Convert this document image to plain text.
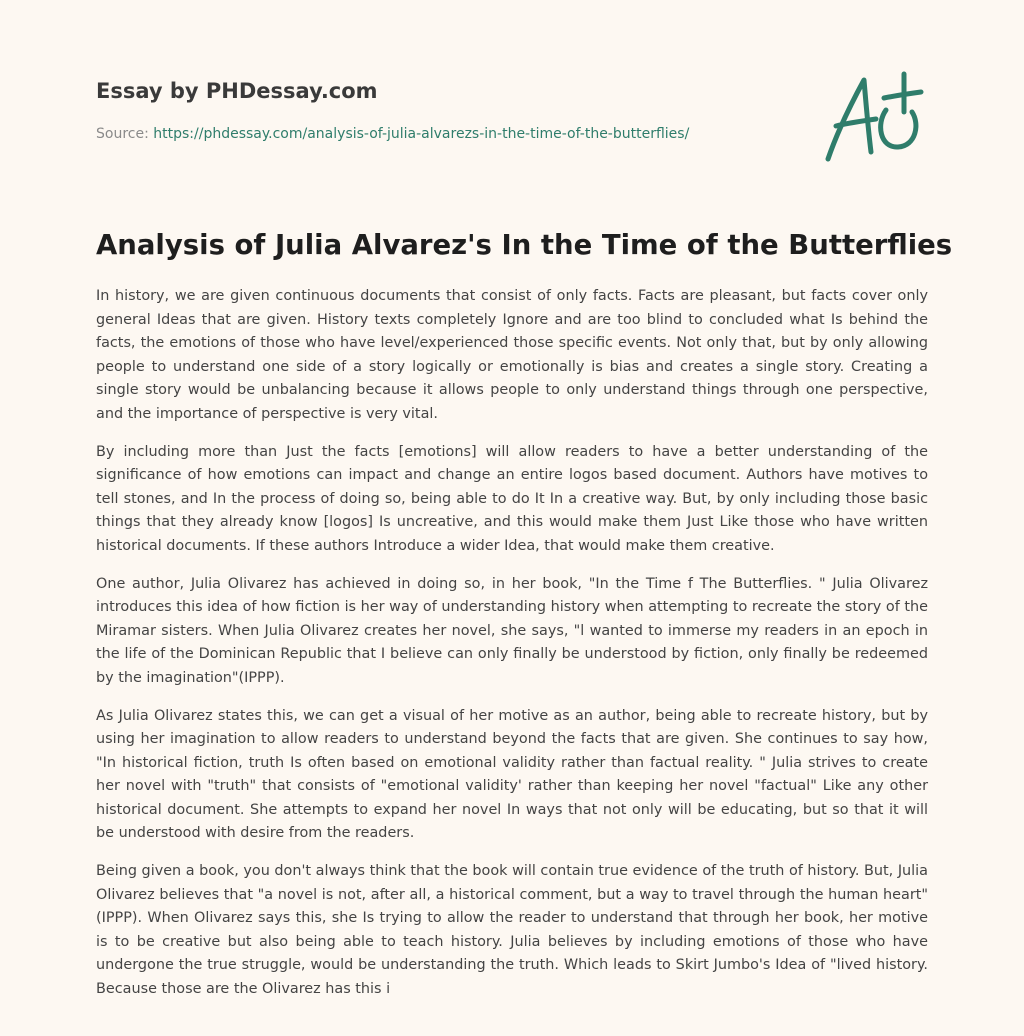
Essay by PHDessay.com
Source: https://phdessay.com/analysis-of-julia-alvarezs-in-the-time-of-the-butterflies/
Analysis of Julia Alvarez's In the Time of the Butterflies

In history, we are given continuous documents that consist of only facts. Facts are pleasant, but facts cover only general Ideas that are given. History texts completely Ignore and are too blind to concluded what Is behind the facts, the emotions of those who have level/experienced those specific events. Not only that, but by only allowing people to understand one side of a story logically or emotionally is bias and creates a single story. Creating a single story would be unbalancing because it allows people to only understand things through one perspective, and the importance of perspective is very vital.

By including more than Just the facts [emotions] will allow readers to have a better understanding of the significance of how emotions can impact and change an entire logos based document. Authors have motives to tell stones, and In the process of doing so, being able to do It In a creative way. But, by only including those basic things that they already know [logos] Is uncreative, and this would make them Just Like those who have written historical documents. If these authors Introduce a wider Idea, that would make them creative.

One author, Julia Olivarez has achieved in doing so, in her book, "In the Time f The Butterflies. " Julia Olivarez introduces this idea of how fiction is her way of understanding history when attempting to recreate the story of the Miramar sisters. When Julia Olivarez creates her novel, she says, "l wanted to immerse my readers in an epoch in the life of the Dominican Republic that I believe can only finally be understood by fiction, only finally be redeemed by the imagination"(IPPP).

As Julia Olivarez states this, we can get a visual of her motive as an author, being able to recreate history, but by using her imagination to allow readers to understand beyond the facts that are given. She continues to say how, "In historical fiction, truth Is often based on emotional validity rather than factual reality. " Julia strives to create her novel with "truth" that consists of "emotional validity' rather than keeping her novel "factual" Like any other historical document. She attempts to expand her novel In ways that not only will be educating, but so that it will be understood with desire from the readers.

Being given a book, you don't always think that the book will contain true evidence of the truth of history. But, Julia Olivarez believes that "a novel is not, after all, a historical comment, but a way to travel through the human heart" (IPPP). When Olivarez says this, she Is trying to allow the reader to understand that through her book, her motive is to be creative but also being able to teach history. Julia believes by including emotions of those who have undergone the true struggle, would be understanding the truth. Which leads to Skirt Jumbo's Idea of "lived history. Because those are the Olivarez has this i
